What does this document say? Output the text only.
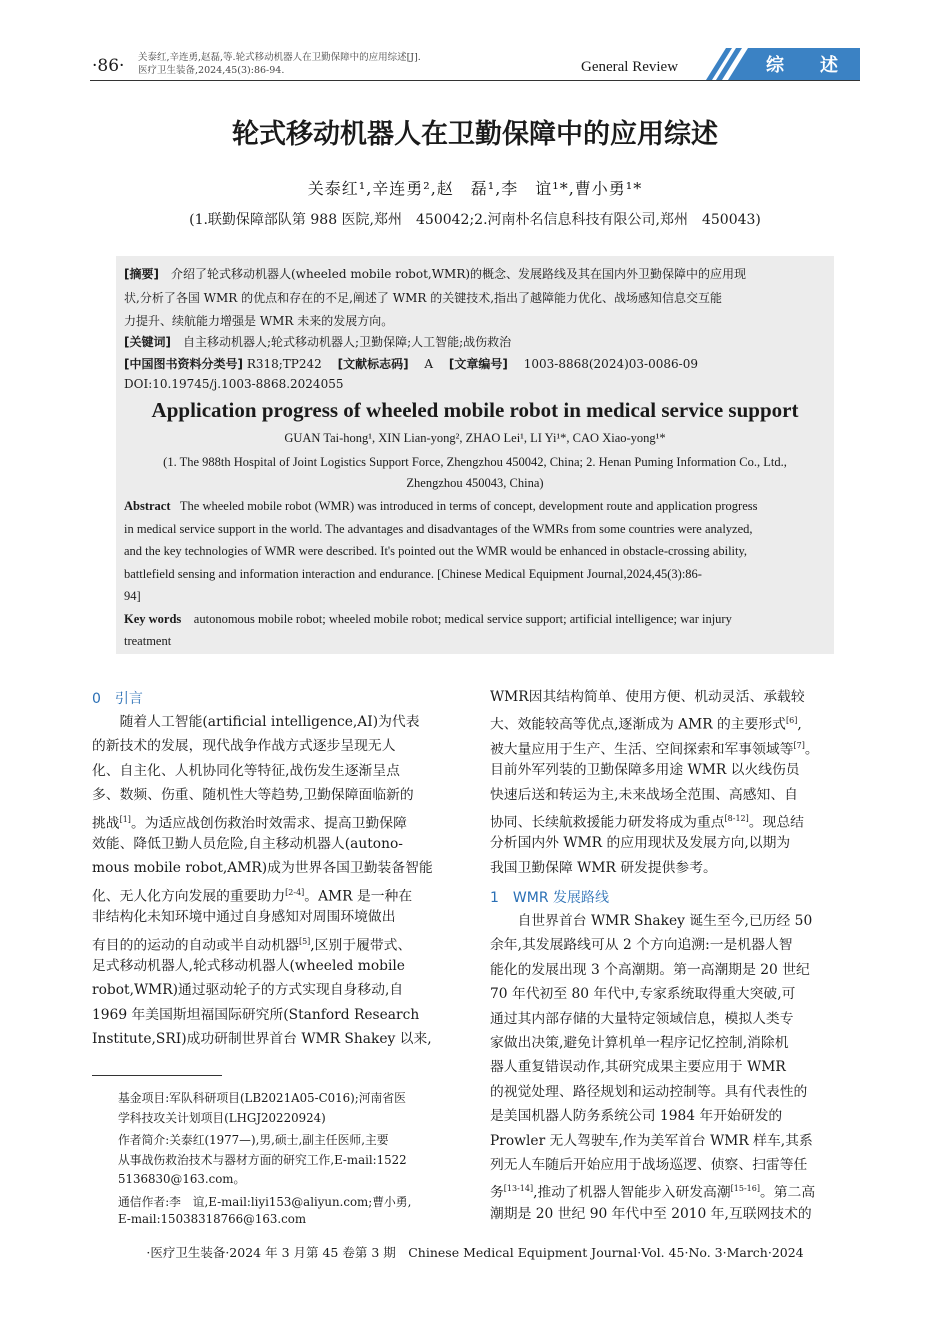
·86· 关泰红,辛连勇,赵磊,等.轮式移动机器人在卫勤保障中的应用综述[J].
医疗卫生装备,2024,45(3):86-94.	General Review	综　　述
轮式移动机器人在卫勤保障中的应用综述
关泰红¹,辛连勇²,赵　磊¹,李　谊¹*,曹小勇¹*
(1.联勤保障部队第 988 医院,郑州　450042;2.河南朴名信息科技有限公司,郑州　450043)
[摘要]　 介绍了轮式移动机器人(wheeled mobile robot,WMR)的概念、发展路线及其在国内外卫勤保障中的应用现
状,分析了各国 WMR 的优点和存在的不足,阐述了 WMR 的关键技术,指出了越障能力优化、战场感知信息交互能
力提升、续航能力增强是 WMR 未来的发展方向。
[关键词]　 自主移动机器人;轮式移动机器人;卫勤保障;人工智能;战伤救治
[中国图书资料分类号] R318;TP242 　 [文献标志码] 　 A 　 [文章编号] 　 1003-8868(2024)03-0086-09
DOI:10.19745/j.1003-8868.2024055
Application progress of wheeled mobile robot in medical service support
GUAN Tai-hong¹, XIN Lian-yong², ZHAO Lei¹, LI Yi¹*, CAO Xiao-yong¹*
(1. The 988th Hospital of Joint Logistics Support Force, Zhengzhou 450042, China; 2. Henan Puming Information Co., Ltd.,
Zhengzhou 450043, China)
Abstract The wheeled mobile robot (WMR) was introduced in terms of concept, development route and application progress
in medical service support in the world. The advantages and disadvantages of the WMRs from some countries were analyzed,
and the key technologies of WMR were described. It's pointed out the WMR would be enhanced in obstacle-crossing ability,
battlefield sensing and information interaction and endurance. [Chinese Medical Equipment Journal,2024,45(3):86-
94]
Key words autonomous mobile robot; wheeled mobile robot; medical service support; artificial intelligence; war injury
treatment
0　引言
　　随着人工智能(artificial intelligence,AI)为代表
的新技术的发展，现代战争作战方式逐步呈现无人
化、自主化、人机协同化等特征,战伤发生逐渐呈点
多、数频、伤重、随机性大等趋势,卫勤保障面临新的
挑战[1]。为适应战创伤救治时效需求、提高卫勤保障
效能、降低卫勤人员危险,自主移动机器人(autono-
mous mobile robot,AMR)成为世界各国卫勤装备智能
化、无人化方向发展的重要助力[2-4]。AMR 是一种在
非结构化未知环境中通过自身感知对周围环境做出
有目的的运动的自动或半自动机器[5],区别于履带式、
足式移动机器人,轮式移动机器人(wheeled mobile
robot,WMR)通过驱动轮子的方式实现自身移动,自
1969 年美国斯坦福国际研究所(Stanford Research
Institute,SRI)成功研制世界首台 WMR Shakey 以来,
基金项目:军队科研项目(LB2021A05-C016);河南省医
学科技攻关计划项目(LHGJ20220924)
作者简介:关泰红(1977—),男,硕士,副主任医师,主要
从事战伤救治技术与器材方面的研究工作,E-mail:1522
5136830@163.com。
通信作者:李　谊,E-mail:liyi153@aliyun.com;曹小勇,
E-mail:15038318766@163.com
WMR因其结构简单、使用方便、机动灵活、承载较
大、效能较高等优点,逐渐成为 AMR 的主要形式[6],
被大量应用于生产、生活、空间探索和军事领域等[7]。
目前外军列装的卫勤保障多用途 WMR 以火线伤员
快速后送和转运为主,未来战场全范围、高感知、自
协同、长续航救援能力研发将成为重点[8-12]。现总结
分析国内外 WMR 的应用现状及发展方向,以期为
我国卫勤保障 WMR 研发提供参考。
1　WMR 发展路线
　　自世界首台 WMR Shakey 诞生至今,已历经 50
余年,其发展路线可从 2 个方向追溯:一是机器人智
能化的发展出现 3 个高潮期。第一高潮期是 20 世纪
70 年代初至 80 年代中,专家系统取得重大突破,可
通过其内部存储的大量特定领域信息，模拟人类专
家做出决策,避免计算机单一程序记忆控制,消除机
器人重复错误动作,其研究成果主要应用于 WMR
的视觉处理、路径规划和运动控制等。具有代表性的
是美国机器人防务系统公司 1984 年开始研发的
Prowler 无人驾驶车,作为美军首台 WMR 样车,其系
列无人车随后开始应用于战场巡逻、侦察、扫雷等任
务[13-14],推动了机器人智能步入研发高潮[15-16]。第二高
潮期是 20 世纪 90 年代中至 2010 年,互联网技术的
·医疗卫生装备·2024 年 3 月第 45 卷第 3 期　Chinese Medical Equipment Journal·Vol. 45·No. 3·March·2024
